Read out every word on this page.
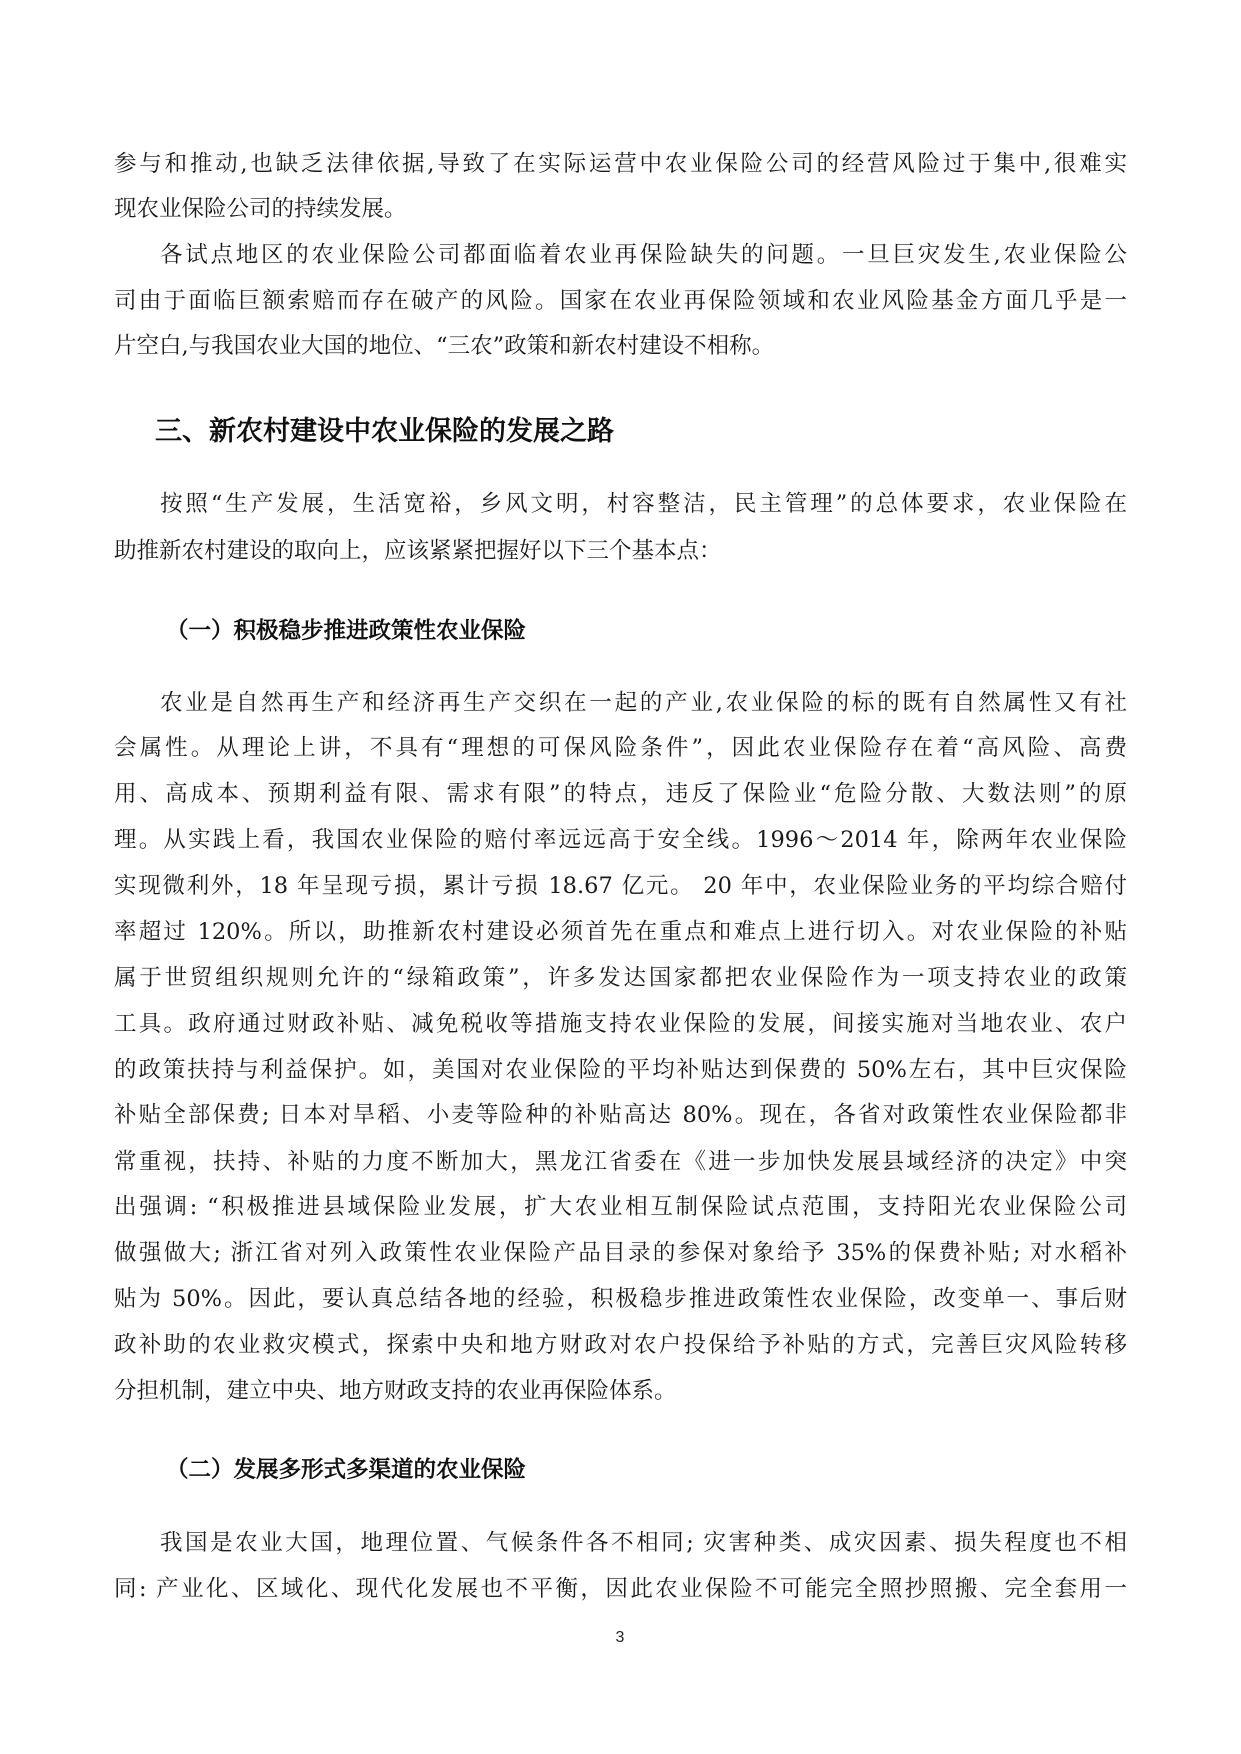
参与和推动,也缺乏法律依据,导致了在实际运营中农业保险公司的经营风险过于集中,很难实
现农业保险公司的持续发展。
各试点地区的农业保险公司都面临着农业再保险缺失的问题。一旦巨灾发生,农业保险公
司由于面临巨额索赔而存在破产的风险。国家在农业再保险领域和农业风险基金方面几乎是一
片空白,与我国农业大国的地位、“三农”政策和新农村建设不相称。
三、新农村建设中农业保险的发展之路
按照“生产发展，生活宽裕，乡风文明，村容整洁，民主管理”的总体要求，农业保险在
助推新农村建设的取向上，应该紧紧把握好以下三个基本点：
（一）积极稳步推进政策性农业保险
农业是自然再生产和经济再生产交织在一起的产业,农业保险的标的既有自然属性又有社
会属性。从理论上讲，不具有“理想的可保风险条件”，因此农业保险存在着“高风险、高费
用、高成本、预期利益有限、需求有限”的特点，违反了保险业“危险分散、大数法则”的原
理。从实践上看，我国农业保险的赔付率远远高于安全线。1996～2014 年，除两年农业保险
实现微利外，18 年呈现亏损，累计亏损 18.67 亿元。 20 年中，农业保险业务的平均综合赔付
率超过 120%。所以，助推新农村建设必须首先在重点和难点上进行切入。对农业保险的补贴
属于世贸组织规则允许的“绿箱政策”，许多发达国家都把农业保险作为一项支持农业的政策
工具。政府通过财政补贴、减免税收等措施支持农业保险的发展，间接实施对当地农业、农户
的政策扶持与利益保护。如，美国对农业保险的平均补贴达到保费的 50%左右，其中巨灾保险
补贴全部保费; 日本对旱稻、小麦等险种的补贴高达 80%。现在，各省对政策性农业保险都非
常重视，扶持、补贴的力度不断加大，黑龙江省委在《进一步加快发展县域经济的决定》中突
出强调: “积极推进县域保险业发展，扩大农业相互制保险试点范围，支持阳光农业保险公司
做强做大; 浙江省对列入政策性农业保险产品目录的参保对象给予 35%的保费补贴; 对水稻补
贴为 50%。因此，要认真总结各地的经验，积极稳步推进政策性农业保险，改变单一、事后财
政补助的农业救灾模式，探索中央和地方财政对农户投保给予补贴的方式，完善巨灾风险转移
分担机制，建立中央、地方财政支持的农业再保险体系。
（二）发展多形式多渠道的农业保险
我国是农业大国，地理位置、气候条件各不相同; 灾害种类、成灾因素、损失程度也不相
同: 产业化、区域化、现代化发展也不平衡，因此农业保险不可能完全照抄照搬、完全套用一
3
